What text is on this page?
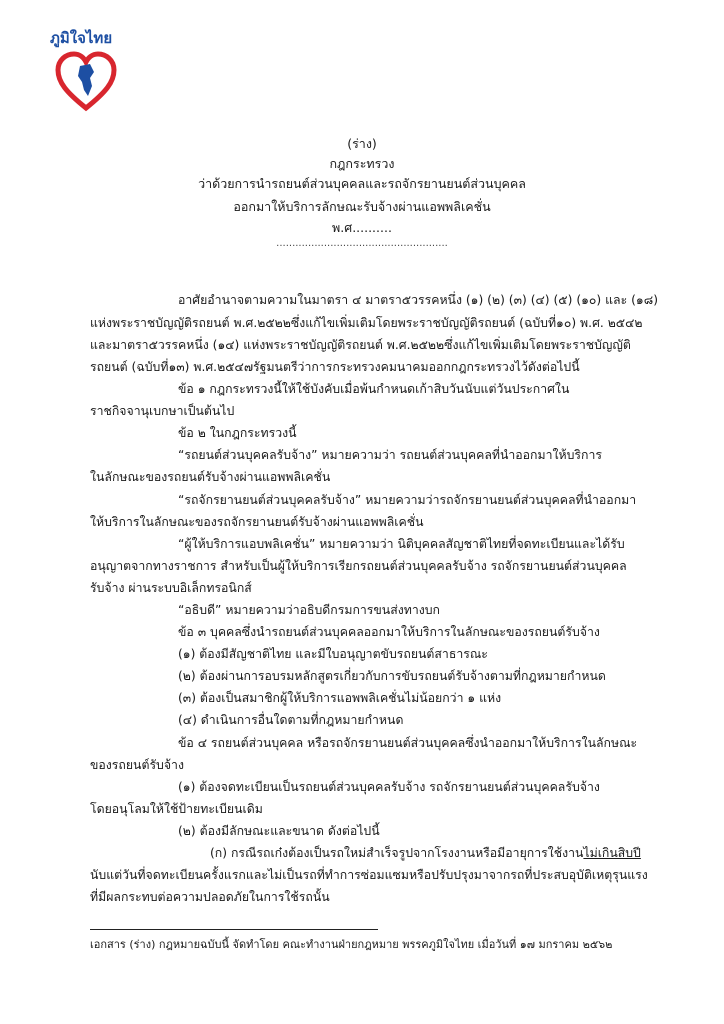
ภูมิใจไทย
(ร่าง)
กฎกระทรวง
ว่าด้วยการนำรถยนต์ส่วนบุคคลและรถจักรยานยนต์ส่วนบุคคล
ออกมาให้บริการลักษณะรับจ้างผ่านแอพพลิเคชั่น
พ.ศ..........
......................................................
อาศัยอำนาจตามความในมาตรา ๔ มาตรา๕วรรคหนึ่ง (๑) (๒) (๓) (๔) (๕) (๑๐) และ (๑๘)
แห่งพระราชบัญญัติรถยนต์ พ.ศ.๒๕๒๒ซึ่งแก้ไขเพิ่มเติมโดยพระราชบัญญัติรถยนต์ (ฉบับที่๑๐) พ.ศ. ๒๕๔๒
และมาตรา๕วรรคหนึ่ง (๑๔) แห่งพระราชบัญญัติรถยนต์ พ.ศ.๒๕๒๒ซึ่งแก้ไขเพิ่มเติมโดยพระราชบัญญัติ
รถยนต์ (ฉบับที่๑๓) พ.ศ.๒๕๔๗รัฐมนตรีว่าการกระทรวงคมนาคมออกกฎกระทรวงไว้ดังต่อไปนี้
ข้อ ๑ กฎกระทรวงนี้ให้ใช้บังคับเมื่อพ้นกำหนดเก้าสิบวันนับแต่วันประกาศใน
ราชกิจจานุเบกษาเป็นต้นไป
ข้อ ๒ ในกฎกระทรวงนี้
“รถยนต์ส่วนบุคคลรับจ้าง” หมายความว่า รถยนต์ส่วนบุคคลที่นำออกมาให้บริการ
ในลักษณะของรถยนต์รับจ้างผ่านแอพพลิเคชั่น
“รถจักรยานยนต์ส่วนบุคคลรับจ้าง” หมายความว่ารถจักรยานยนต์ส่วนบุคคลที่นำออกมา
ให้บริการในลักษณะของรถจักรยานยนต์รับจ้างผ่านแอพพลิเคชั่น
“ผู้ให้บริการแอบพลิเคชั่น” หมายความว่า นิติบุคคลสัญชาติไทยที่จดทะเบียนและได้รับ
อนุญาตจากทางราชการ สำหรับเป็นผู้ให้บริการเรียกรถยนต์ส่วนบุคคลรับจ้าง รถจักรยานยนต์ส่วนบุคคล
รับจ้าง ผ่านระบบอิเล็กทรอนิกส์
“อธิบดี” หมายความว่าอธิบดีกรมการขนส่งทางบก
ข้อ ๓ บุคคลซึ่งนำรถยนต์ส่วนบุคคลออกมาให้บริการในลักษณะของรถยนต์รับจ้าง
(๑) ต้องมีสัญชาติไทย และมีใบอนุญาตขับรถยนต์สาธารณะ
(๒) ต้องผ่านการอบรมหลักสูตรเกี่ยวกับการขับรถยนต์รับจ้างตามที่กฎหมายกำหนด
(๓) ต้องเป็นสมาชิกผู้ให้บริการแอพพลิเคชั่นไม่น้อยกว่า ๑ แห่ง
(๔) ดำเนินการอื่นใดตามที่กฎหมายกำหนด
ข้อ ๔ รถยนต์ส่วนบุคคล หรือรถจักรยานยนต์ส่วนบุคคลซึ่งนำออกมาให้บริการในลักษณะ
ของรถยนต์รับจ้าง
(๑) ต้องจดทะเบียนเป็นรถยนต์ส่วนบุคคลรับจ้าง รถจักรยานยนต์ส่วนบุคคลรับจ้าง
โดยอนุโลมให้ใช้ป้ายทะเบียนเดิม
(๒) ต้องมีลักษณะและขนาด ดังต่อไปนี้
(ก) กรณีรถเก๋งต้องเป็นรถใหม่สำเร็จรูปจากโรงงานหรือมีอายุการใช้งานไม่เกินสิบปี
นับแต่วันที่จดทะเบียนครั้งแรกและไม่เป็นรถที่ทำการซ่อมแซมหรือปรับปรุงมาจากรถที่ประสบอุบัติเหตุรุนแรง
ที่มีผลกระทบต่อความปลอดภัยในการใช้รถนั้น
เอกสาร (ร่าง) กฎหมายฉบับนี้ จัดทำโดย คณะทำงานฝ่ายกฎหมาย พรรคภูมิใจไทย เมื่อวันที่ ๑๗ มกราคม ๒๕๖๒
